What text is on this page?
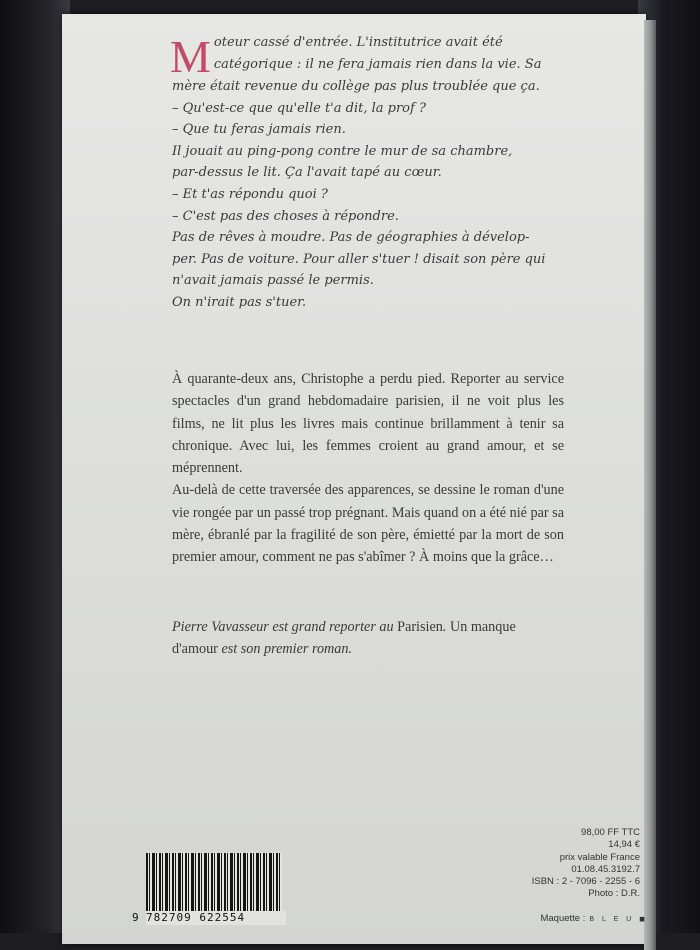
M oteur cassé d'entrée. L'institutrice avait été

catégorique : il ne fera jamais rien dans la vie. Sa

mère était revenue du collège pas plus troublée que ça.

– Qu'est-ce que qu'elle t'a dit, la prof ?

– Que tu feras jamais rien.

Il jouait au ping-pong contre le mur de sa chambre,

par-dessus le lit. Ça l'avait tapé au cœur.

– Et t'as répondu quoi ?

– C'est pas des choses à répondre.

Pas de rêves à moudre. Pas de géographies à dévelop-

per. Pas de voiture. Pour aller s'tuer ! disait son père qui

n'avait jamais passé le permis.

On n'irait pas s'tuer.

À quarante-deux ans, Christophe a perdu pied. Reporter au service spectacles d'un grand hebdomadaire parisien, il ne voit plus les films, ne lit plus les livres mais continue brillamment à tenir sa chronique. Avec lui, les femmes croient au grand amour, et se méprennent.

Au-delà de cette traversée des apparences, se dessine le roman d'une vie rongée par un passé trop prégnant. Mais quand on a été nié par sa mère, ébranlé par la fragilité de son père, émietté par la mort de son premier amour, comment ne pas s'abîmer ? À moins que la grâce…

Pierre Vavasseur est grand reporter au Parisien. Un manque d'amour est son premier roman.

9 782709 622554
98,00 FF TTC
14,94 €
prix valable France
01.08.45.3192.7
ISBN : 2 - 7096 - 2255 - 6
Photo : D.R.
Maquette : B L E U ◼
